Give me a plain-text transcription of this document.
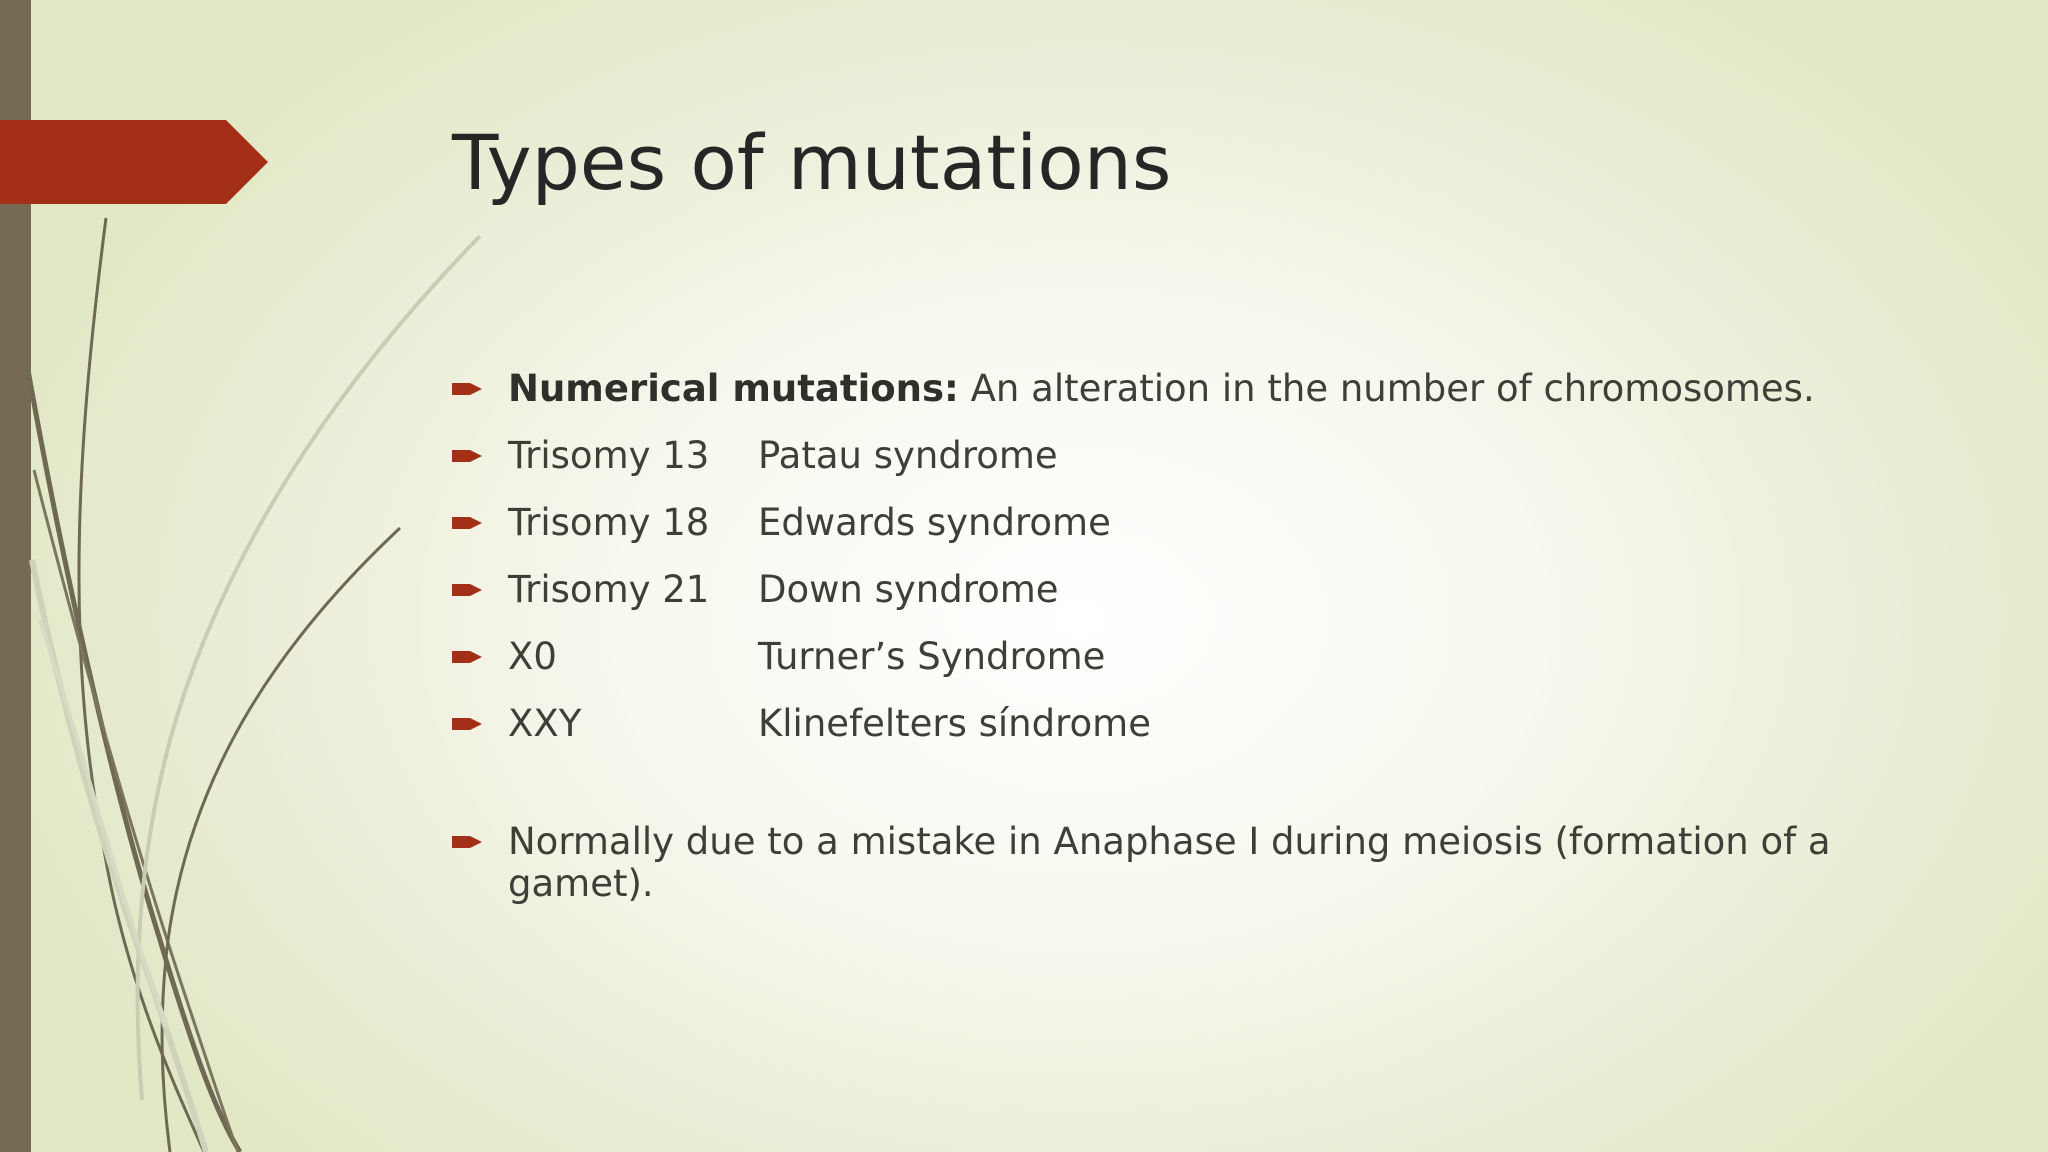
Types of mutations
Numerical mutations: An alteration in the number of chromosomes.
Trisomy 13 Patau syndrome
Trisomy 18 Edwards syndrome
Trisomy 21 Down syndrome
X0	Turner’s Syndrome
XXY	Klinefelters síndrome
Normally due to a mistake in Anaphase I during meiosis (formation of a gamet).
